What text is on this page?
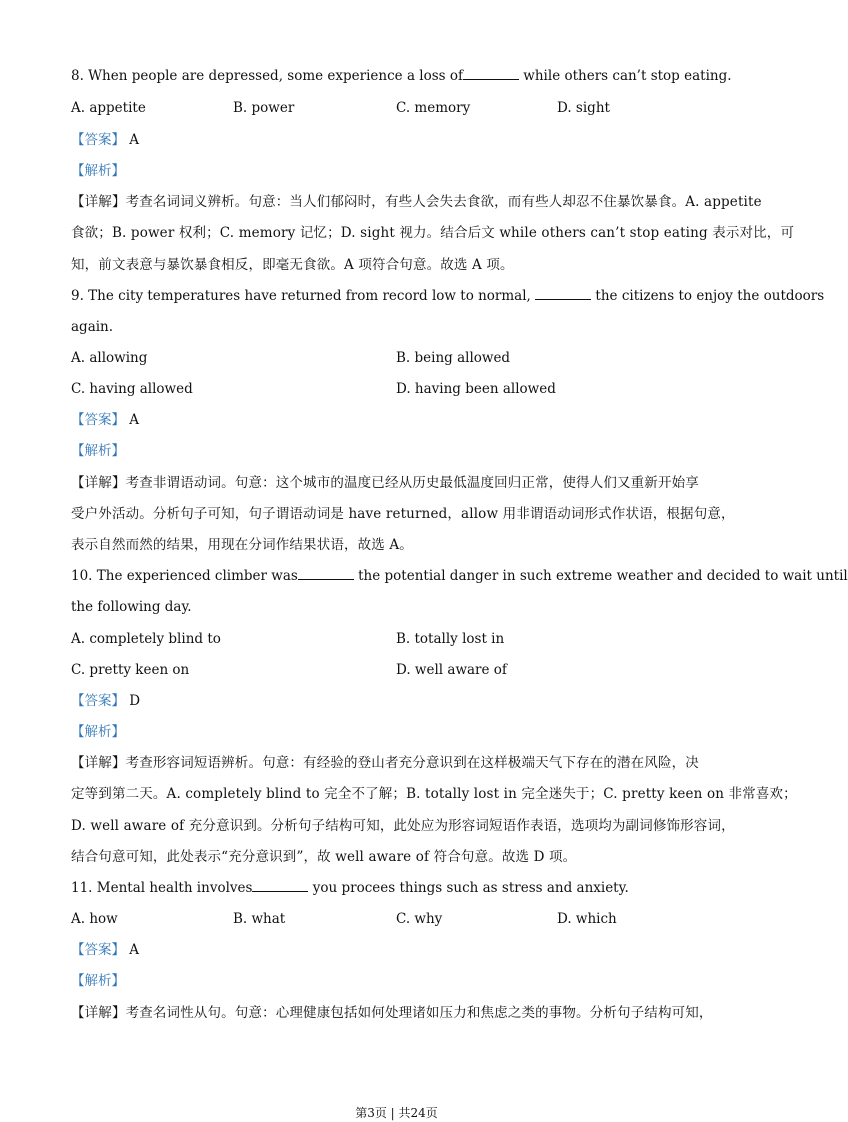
8. When people are depressed, some experience a loss of	while others can’t stop eating.
A. appetite	B. power	C. memory	D. sight
【答案】 A
【解析】
【详解】考查名词词义辨析。句意：当人们郁闷时，有些人会失去食欲，而有些人却忍不住暴饮暴食。A. appetite
食欲；B. power 权利；C. memory 记忆；D. sight 视力。结合后文 while others can’t stop eating 表示对比，可
知，前文表意与暴饮暴食相反，即毫无食欲。A 项符合句意。故选 A 项。
9. The city temperatures have returned from record low to normal,	the citizens to enjoy the outdoors
again.
A. allowing	B. being allowed
C. having allowed	D. having been allowed
【答案】 A
【解析】
【详解】考查非谓语动词。句意：这个城市的温度已经从历史最低温度回归正常，使得人们又重新开始享
受户外活动。分析句子可知，句子谓语动词是 have returned，allow 用非谓语动词形式作状语，根据句意，
表示自然而然的结果，用现在分词作结果状语，故选 A。
10. The experienced climber was	the potential danger in such extreme weather and decided to wait until
the following day.
A. completely blind to	B. totally lost in
C. pretty keen on	D. well aware of
【答案】 D
【解析】
【详解】考查形容词短语辨析。句意：有经验的登山者充分意识到在这样极端天气下存在的潜在风险，决
定等到第二天。A. completely blind to 完全不了解；B. totally lost in 完全迷失于；C. pretty keen on 非常喜欢；
D. well aware of 充分意识到。分析句子结构可知，此处应为形容词短语作表语，选项均为副词修饰形容词，
结合句意可知，此处表示“充分意识到”，故 well aware of 符合句意。故选 D 项。
11. Mental health involves	you procees things such as stress and anxiety.
A. how	B. what	C. why	D. which
【答案】 A
【解析】
【详解】考查名词性从句。句意：心理健康包括如何处理诸如压力和焦虑之类的事物。分析句子结构可知，
第3页 | 共24页
